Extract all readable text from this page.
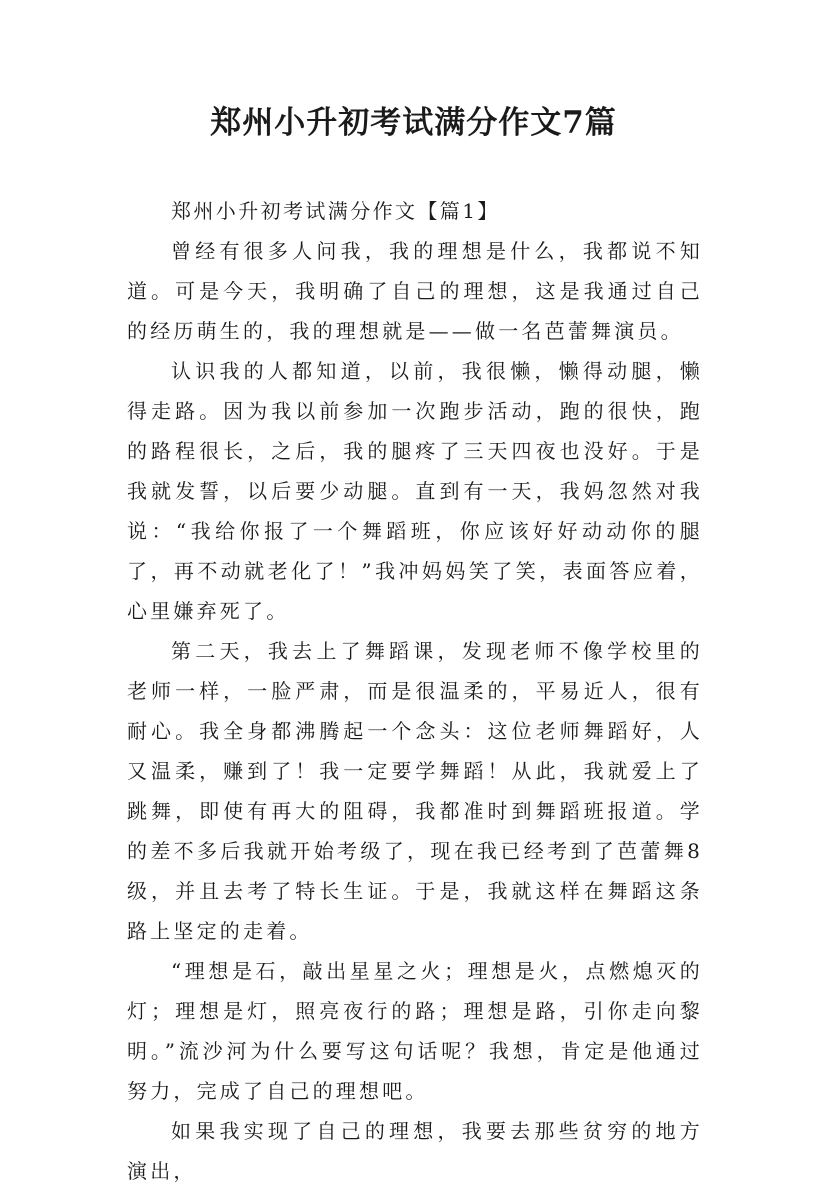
郑州小升初考试满分作文7篇

郑州小升初考试满分作文【篇1】

曾经有很多人问我，我的理想是什么，我都说不知道。可是今天，我明确了自己的理想，这是我通过自己的经历萌生的，我的理想就是——做一名芭蕾舞演员。

认识我的人都知道，以前，我很懒，懒得动腿，懒得走路。因为我以前参加一次跑步活动，跑的很快，跑的路程很长，之后，我的腿疼了三天四夜也没好。于是我就发誓，以后要少动腿。直到有一天，我妈忽然对我说：“我给你报了一个舞蹈班，你应该好好动动你的腿了，再不动就老化了！”我冲妈妈笑了笑，表面答应着，心里嫌弃死了。

第二天，我去上了舞蹈课，发现老师不像学校里的老师一样，一脸严肃，而是很温柔的，平易近人，很有耐心。我全身都沸腾起一个念头：这位老师舞蹈好，人又温柔，赚到了！我一定要学舞蹈！从此，我就爱上了跳舞，即使有再大的阻碍，我都准时到舞蹈班报道。学的差不多后我就开始考级了，现在我已经考到了芭蕾舞8级，并且去考了特长生证。于是，我就这样在舞蹈这条路上坚定的走着。

“理想是石，敲出星星之火；理想是火，点燃熄灭的灯；理想是灯，照亮夜行的路；理想是路，引你走向黎明。”流沙河为什么要写这句话呢？我想，肯定是他通过努力，完成了自己的理想吧。

如果我实现了自己的理想，我要去那些贫穷的地方演出，
